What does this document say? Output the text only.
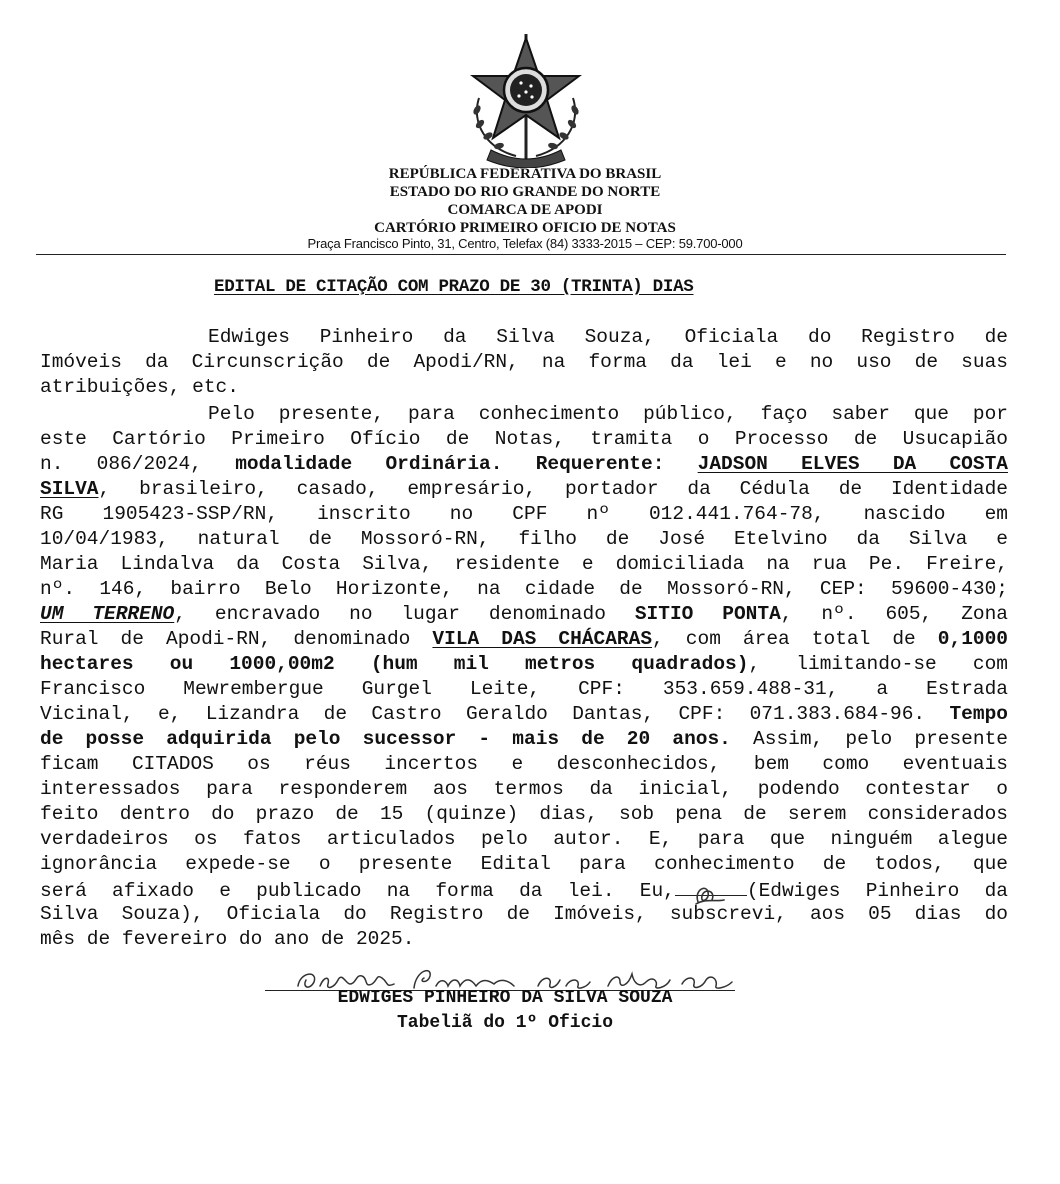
REPÚBLICA FEDERATIVA DO BRASIL
ESTADO DO RIO GRANDE DO NORTE
COMARCA DE APODI
CARTÓRIO PRIMEIRO OFICIO DE NOTAS
Praça Francisco Pinto, 31, Centro, Telefax (84) 3333-2015 – CEP: 59.700-000
EDITAL DE CITAÇÃO COM PRAZO DE 30 (TRINTA) DIAS
Edwiges Pinheiro da Silva Souza, Oficiala do Registro de
Imóveis da Circunscrição de Apodi/RN, na forma da lei e no uso de suas
atribuições, etc.
Pelo presente, para conhecimento público, faço saber que por
este Cartório Primeiro Ofício de Notas, tramita o Processo de Usucapião
n. 086/2024, modalidade Ordinária. Requerente: JADSON ELVES DA COSTA
SILVA, brasileiro, casado, empresário, portador da Cédula de Identidade
RG 1905423-SSP/RN, inscrito no CPF nº 012.441.764-78, nascido em
10/04/1983, natural de Mossoró-RN, filho de José Etelvino da Silva e
Maria Lindalva da Costa Silva, residente e domiciliada na rua Pe. Freire,
nº. 146, bairro Belo Horizonte, na cidade de Mossoró-RN, CEP: 59600-430;
UM TERRENO, encravado no lugar denominado SITIO PONTA, nº. 605, Zona
Rural de Apodi-RN, denominado VILA DAS CHÁCARAS, com área total de 0,1000
hectares ou 1000,00m2 (hum mil metros quadrados), limitando-se com
Francisco Mewrembergue Gurgel Leite, CPF: 353.659.488-31, a Estrada
Vicinal, e, Lizandra de Castro Geraldo Dantas, CPF: 071.383.684-96. Tempo
de posse adquirida pelo sucessor - mais de 20 anos. Assim, pelo presente
ficam CITADOS os réus incertos e desconhecidos, bem como eventuais
interessados para responderem aos termos da inicial, podendo contestar o
feito dentro do prazo de 15 (quinze) dias, sob pena de serem considerados
verdadeiros os fatos articulados pelo autor. E, para que ninguém alegue
ignorância expede-se o presente Edital para conhecimento de todos, que
será afixado e publicado na forma da lei. Eu,	(Edwiges Pinheiro da
Silva Souza), Oficiala do Registro de Imóveis, subscrevi, aos 05 dias do
mês de fevereiro do ano de 2025.
EDWIGES PINHEIRO DA SILVA SOUZA
Tabeliã do 1º Oficio
